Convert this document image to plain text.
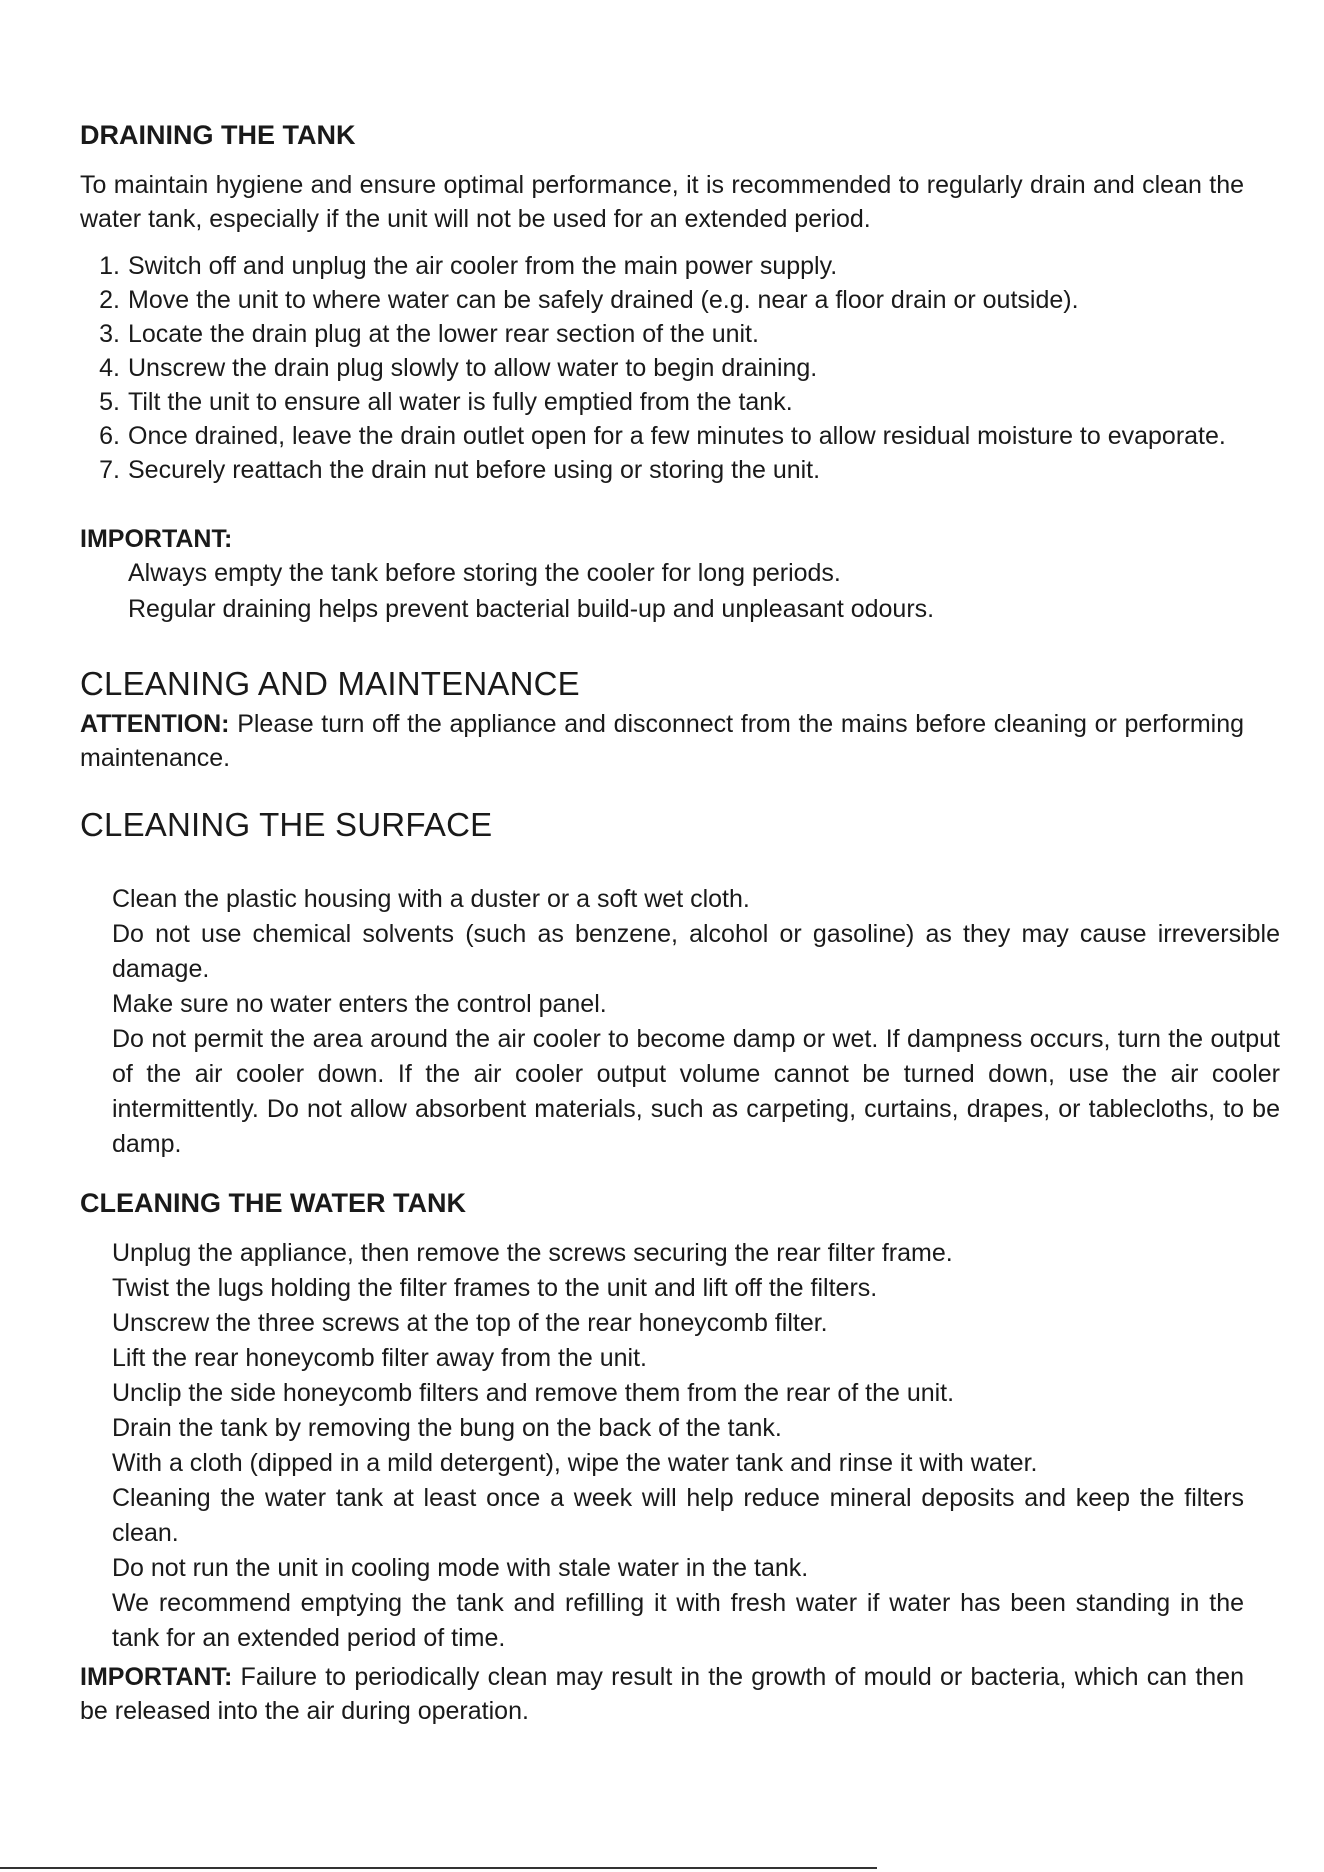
DRAINING THE TANK

To maintain hygiene and ensure optimal performance, it is recommended to regularly drain and clean the water tank, especially if the unit will not be used for an extended period.

1. Switch off and unplug the air cooler from the main power supply.
2. Move the unit to where water can be safely drained (e.g. near a floor drain or outside).
3. Locate the drain plug at the lower rear section of the unit.
4. Unscrew the drain plug slowly to allow water to begin draining.
5. Tilt the unit to ensure all water is fully emptied from the tank.
6. Once drained, leave the drain outlet open for a few minutes to allow residual moisture to evaporate.
7. Securely reattach the drain nut before using or storing the unit.
IMPORTANT:
Always empty the tank before storing the cooler for long periods.
Regular draining helps prevent bacterial build-up and unpleasant odours.
CLEANING AND MAINTENANCE

ATTENTION: Please turn off the appliance and disconnect from the mains before cleaning or performing maintenance.

CLEANING THE SURFACE
Clean the plastic housing with a duster or a soft wet cloth.
Do not use chemical solvents (such as benzene, alcohol or gasoline) as they may cause irreversible damage.
Make sure no water enters the control panel.
Do not permit the area around the air cooler to become damp or wet. If dampness occurs, turn the output of the air cooler down. If the air cooler output volume cannot be turned down, use the air cooler intermittently. Do not allow absorbent materials, such as carpeting, curtains, drapes, or tablecloths, to be damp.
CLEANING THE WATER TANK
Unplug the appliance, then remove the screws securing the rear filter frame.
Twist the lugs holding the filter frames to the unit and lift off the filters.
Unscrew the three screws at the top of the rear honeycomb filter.
Lift the rear honeycomb filter away from the unit.
Unclip the side honeycomb filters and remove them from the rear of the unit.
Drain the tank by removing the bung on the back of the tank.
With a cloth (dipped in a mild detergent), wipe the water tank and rinse it with water.
Cleaning the water tank at least once a week will help reduce mineral deposits and keep the filters clean.
Do not run the unit in cooling mode with stale water in the tank.
We recommend emptying the tank and refilling it with fresh water if water has been standing in the tank for an extended period of time.

IMPORTANT: Failure to periodically clean may result in the growth of mould or bacteria, which can then be released into the air during operation.
